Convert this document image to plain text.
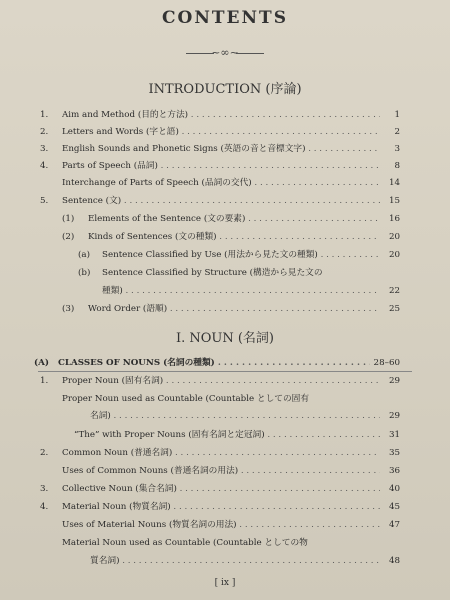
CONTENTS
~∞~
INTRODUCTION (序論)
1. Aim and Method (目的と方法) . . .	1
2. Letters and Words (字と語) . . .	2
3. English Sounds and Phonetic Signs (英語の音と音標文字) . . .	3
4. Parts of Speech (品詞) . . .	8
Interchange of Parts of Speech (品詞の交代) . . .	14
5. Sentence (文) . . .	15
(1) Elements of the Sentence (文の要素) . . .	16
(2) Kinds of Sentences (文の種類) . . .	20
(a) Sentence Classified by Use (用法から見た文の種類) . . .	20
(b) Sentence Classified by Structure (構造から見た文の
種類) . . .	22
(3) Word Order (語順) . . .	25
I. NOUN (名詞)
(A) CLASSES OF NOUNS (名詞の種類) . . .	28–60
1. Proper Noun (固有名詞) . . .	29
Proper Noun used as Countable (Countable としての固有
名詞) . . .	29
“The” with Proper Nouns (固有名詞と定冠詞) . . .	31
2. Common Noun (普通名詞) . . .	35
Uses of Common Nouns (普通名詞の用法) . . .	36
3. Collective Noun (集合名詞) . . .	40
4. Material Noun (物質名詞) . . .	45
Uses of Material Nouns (物質名詞の用法) . . .	47
Material Noun used as Countable (Countable としての物
質名詞) . . .	48
[ ix ]
